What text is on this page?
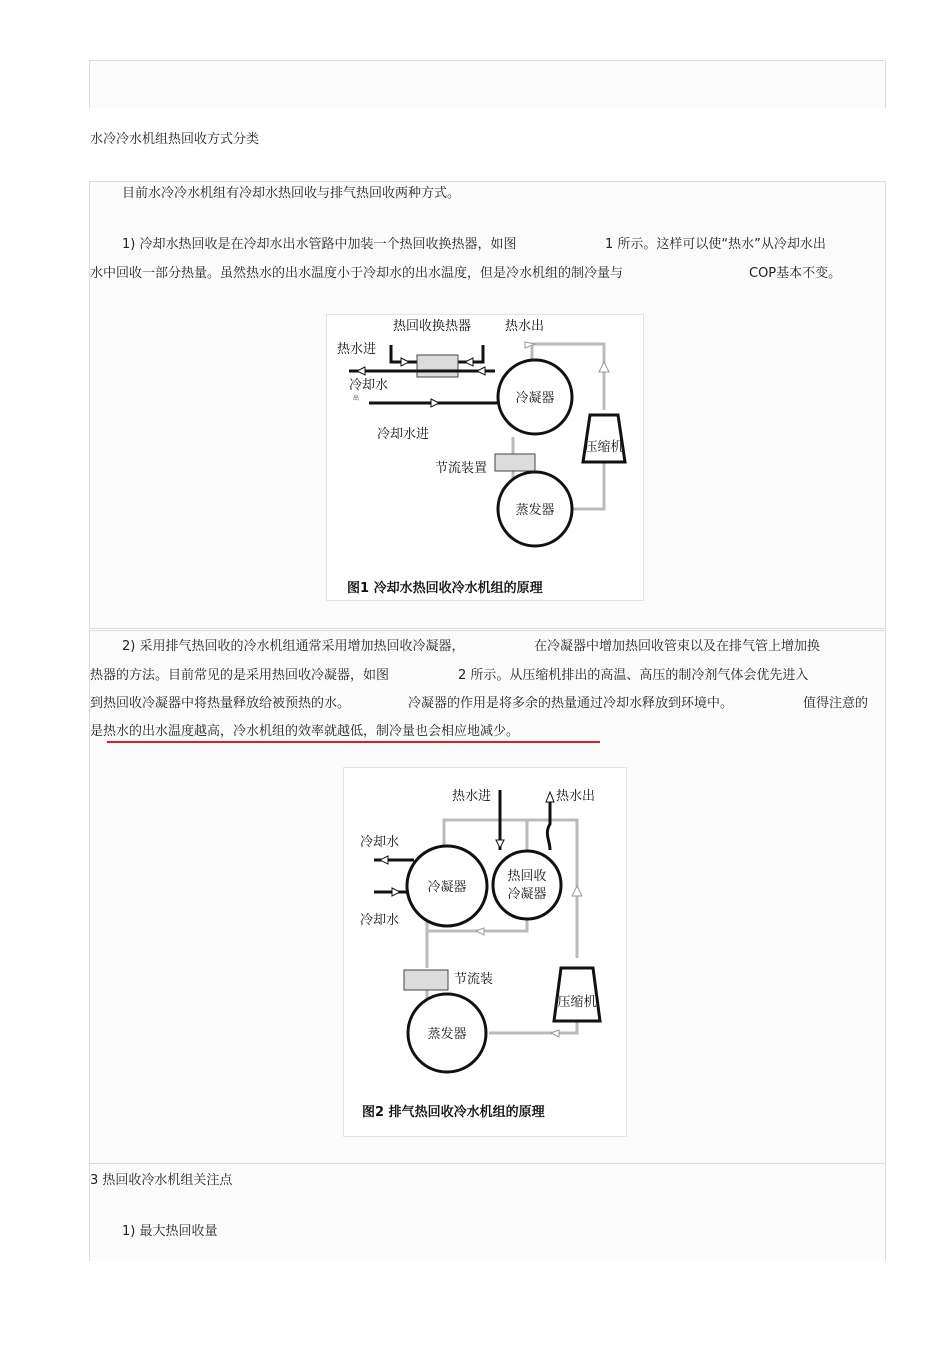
水冷冷水机组热回收方式分类
目前水冷冷水机组有冷却水热回收与排气热回收两种方式。
1) 冷却水热回收是在冷却水出水管路中加装一个热回收换热器，如图	1 所示。这样可以使“热水”从冷却水出
水中回收一部分热量。虽然热水的出水温度小于冷却水的出水温度，但是冷水机组的制冷量与	COP基本不变。
冷凝器
蒸发器
压缩机
热回收换热器	热水出
热水进
冷却水
出
冷却水进
节流装置
图1 冷却水热回收冷水机组的原理
2) 采用排气热回收的冷水机组通常采用增加热回收冷凝器，	在冷凝器中增加热回收管束以及在排气管上增加换
热器的方法。目前常见的是采用热回收冷凝器，如图	2 所示。从压缩机排出的高温、高压的制冷剂气体会优先进入
到热回收冷凝器中将热量释放给被预热的水。	冷凝器的作用是将多余的热量通过冷却水释放到环境中。	值得注意的
是热水的出水温度越高，冷水机组的效率就越低，制冷量也会相应地减少。
冷凝器
热回收
冷凝器
蒸发器
压缩机
热水进	热水出
冷却水
冷却水
节流装
图2 排气热回收冷水机组的原理
3 热回收冷水机组关注点
1) 最大热回收量
